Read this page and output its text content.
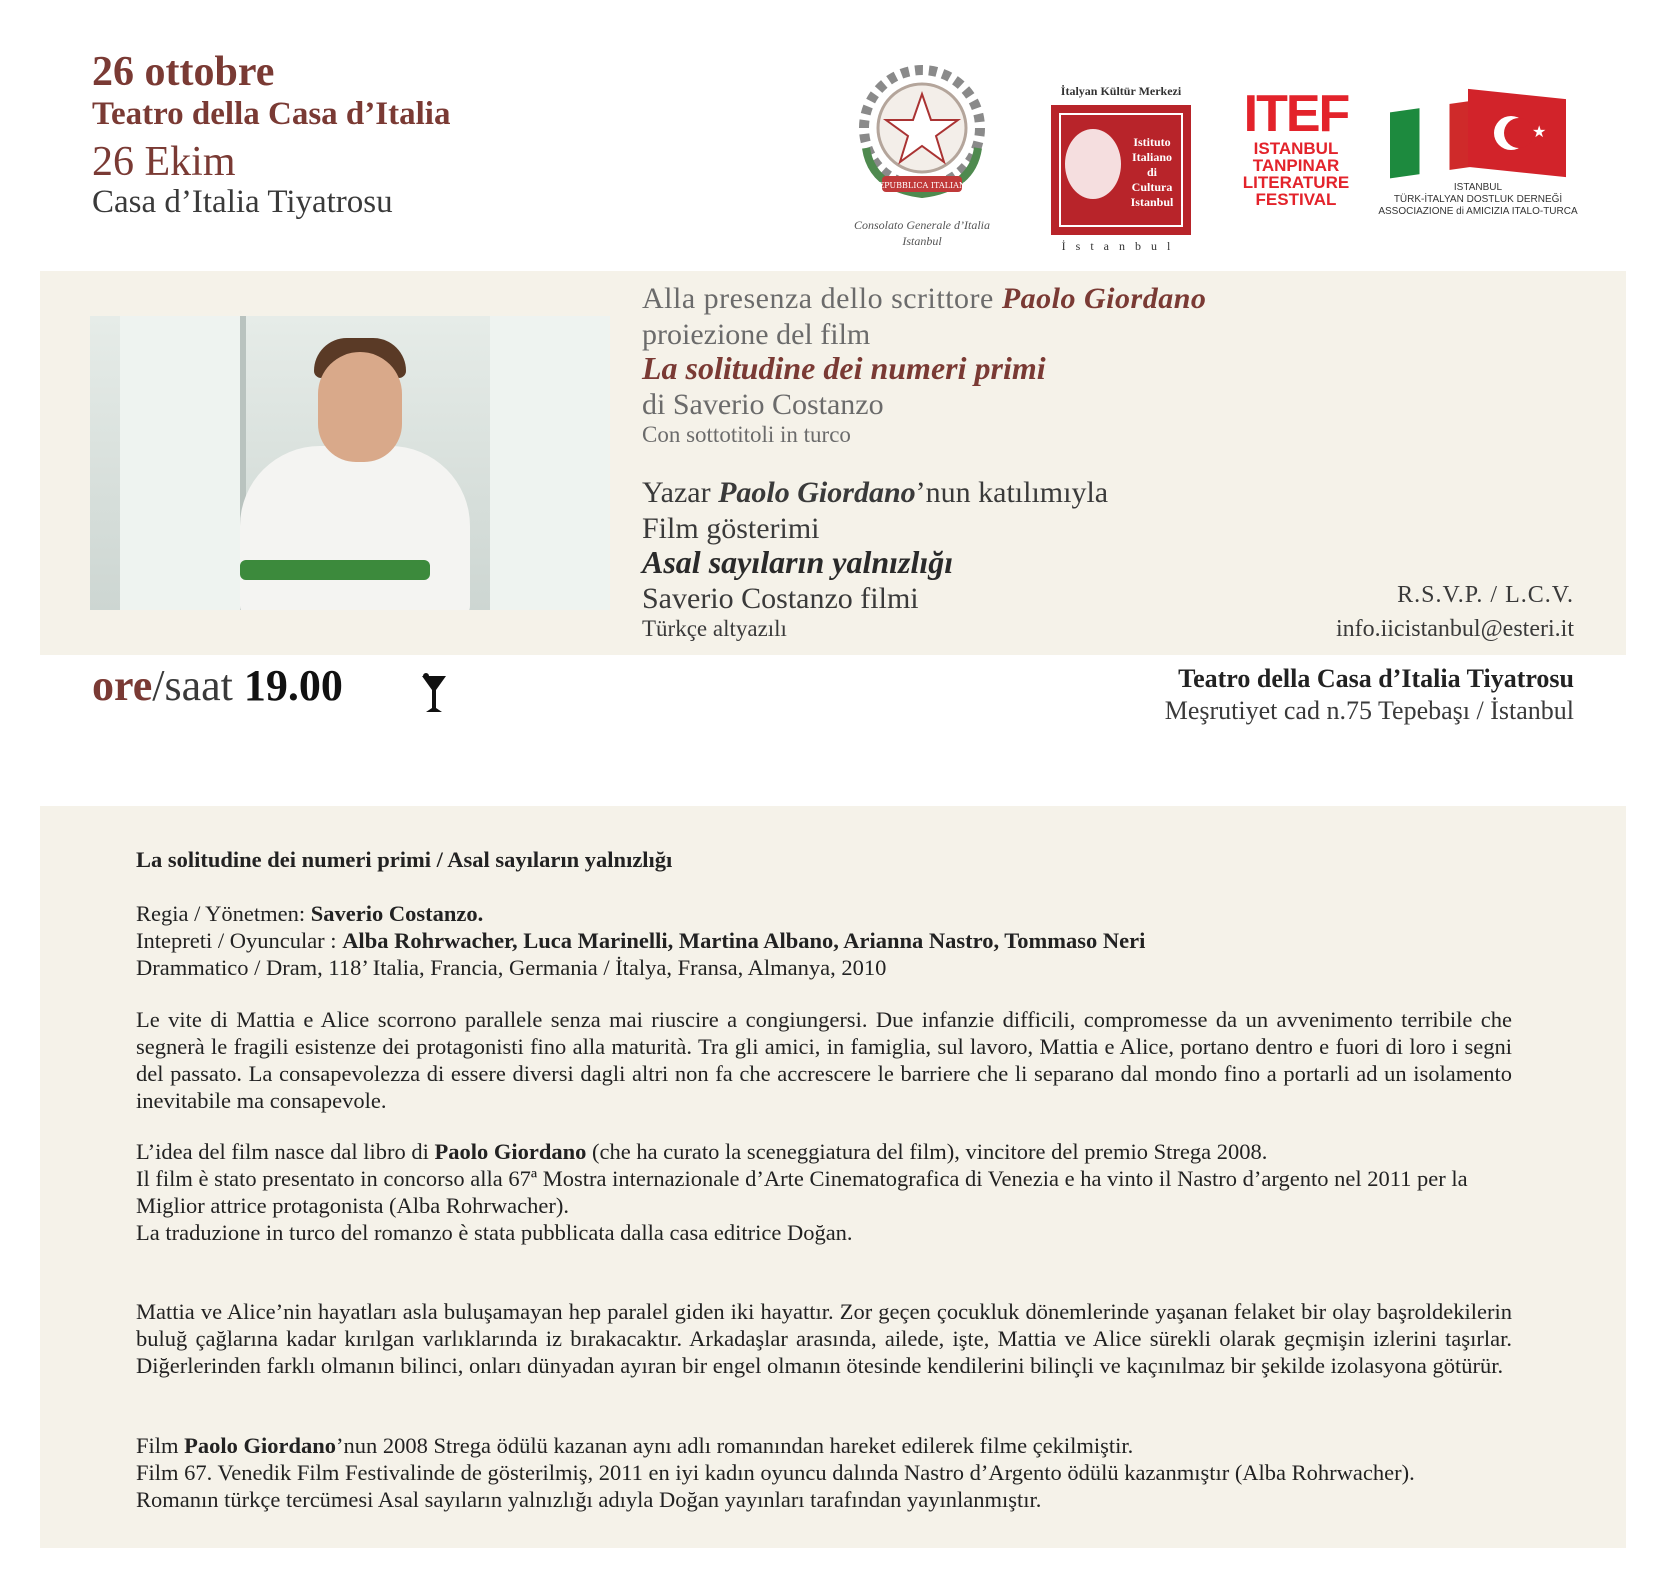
26 ottobre
Teatro della Casa d’Italia
26 Ekim
Casa d’Italia Tiyatrosu	REPUBBLICA ITALIANA
Consolato Generale d’Italia
Istanbul
İtalyan Kültür Merkezi
Istituto
Italiano
di
Cultura
Istanbul
İstanbul
ITEF
ISTANBUL
TANPINAR
LITERATURE
FESTIVAL
★
ISTANBUL
TÜRK-İTALYAN DOSTLUK DERNEĞİ
ASSOCIAZIONE di AMICIZIA ITALO-TURCA
Alla presenza dello scrittore Paolo Giordano
proiezione del film
La solitudine dei numeri primi
di Saverio Costanzo
Con sottotitoli in turco
Yazar Paolo Giordano’nun katılımıyla
Film gösterimi
Asal sayıların yalnızlığı
Saverio Costanzo filmi
Türkçe altyazılı
R.S.V.P. / L.C.V.
info.iicistanbul@esteri.it
ore/saat 19.00	Teatro della Casa d’Italia Tiyatrosu
Meşrutiyet cad n.75 Tepebaşı / İstanbul
La solitudine dei numeri primi / Asal sayıların yalnızlığı

Regia / Yönetmen: Saverio Costanzo.

Intepreti / Oyuncular : Alba Rohrwacher, Luca Marinelli, Martina Albano, Arianna Nastro, Tommaso Neri

Drammatico / Dram, 118’ Italia, Francia, Germania / İtalya, Fransa, Almanya, 2010

Le vite di Mattia e Alice scorrono parallele senza mai riuscire a congiungersi. Due infanzie difficili, compromesse da un avvenimento terribile che segnerà le fragili esistenze dei protagonisti fino alla maturità. Tra gli amici, in famiglia, sul lavoro, Mattia e Alice, portano dentro e fuori di loro i segni del passato. La consapevolezza di essere diversi dagli altri non fa che accrescere le barriere che li separano dal mondo fino a portarli ad un isolamento inevitabile ma consapevole.

L’idea del film nasce dal libro di Paolo Giordano (che ha curato la sceneggiatura del film), vincitore del premio Strega 2008.

Il film è stato presentato in concorso alla 67ª Mostra internazionale d’Arte Cinematografica di Venezia e ha vinto il Nastro d’argento nel 2011 per la Miglior attrice protagonista (Alba Rohrwacher).

La traduzione in turco del romanzo è stata pubblicata dalla casa editrice Doğan.

Mattia ve Alice’nin hayatları asla buluşamayan hep paralel giden iki hayattır. Zor geçen çocukluk dönemlerinde yaşanan felaket bir olay başroldekilerin buluğ çağlarına kadar kırılgan varlıklarında iz bırakacaktır. Arkadaşlar arasında, ailede, işte, Mattia ve Alice sürekli olarak geçmişin izlerini taşırlar. Diğerlerinden farklı olmanın bilinci, onları dünyadan ayıran bir engel olmanın ötesinde kendilerini bilinçli ve kaçınılmaz bir şekilde izolasyona götürür.

Film Paolo Giordano’nun 2008 Strega ödülü kazanan aynı adlı romanından hareket edilerek filme çekilmiştir.

Film 67. Venedik Film Festivalinde de gösterilmiş, 2011 en iyi kadın oyuncu dalında Nastro d’Argento ödülü kazanmıştır (Alba Rohrwacher).

Romanın türkçe tercümesi Asal sayıların yalnızlığı adıyla Doğan yayınları tarafından yayınlanmıştır.
